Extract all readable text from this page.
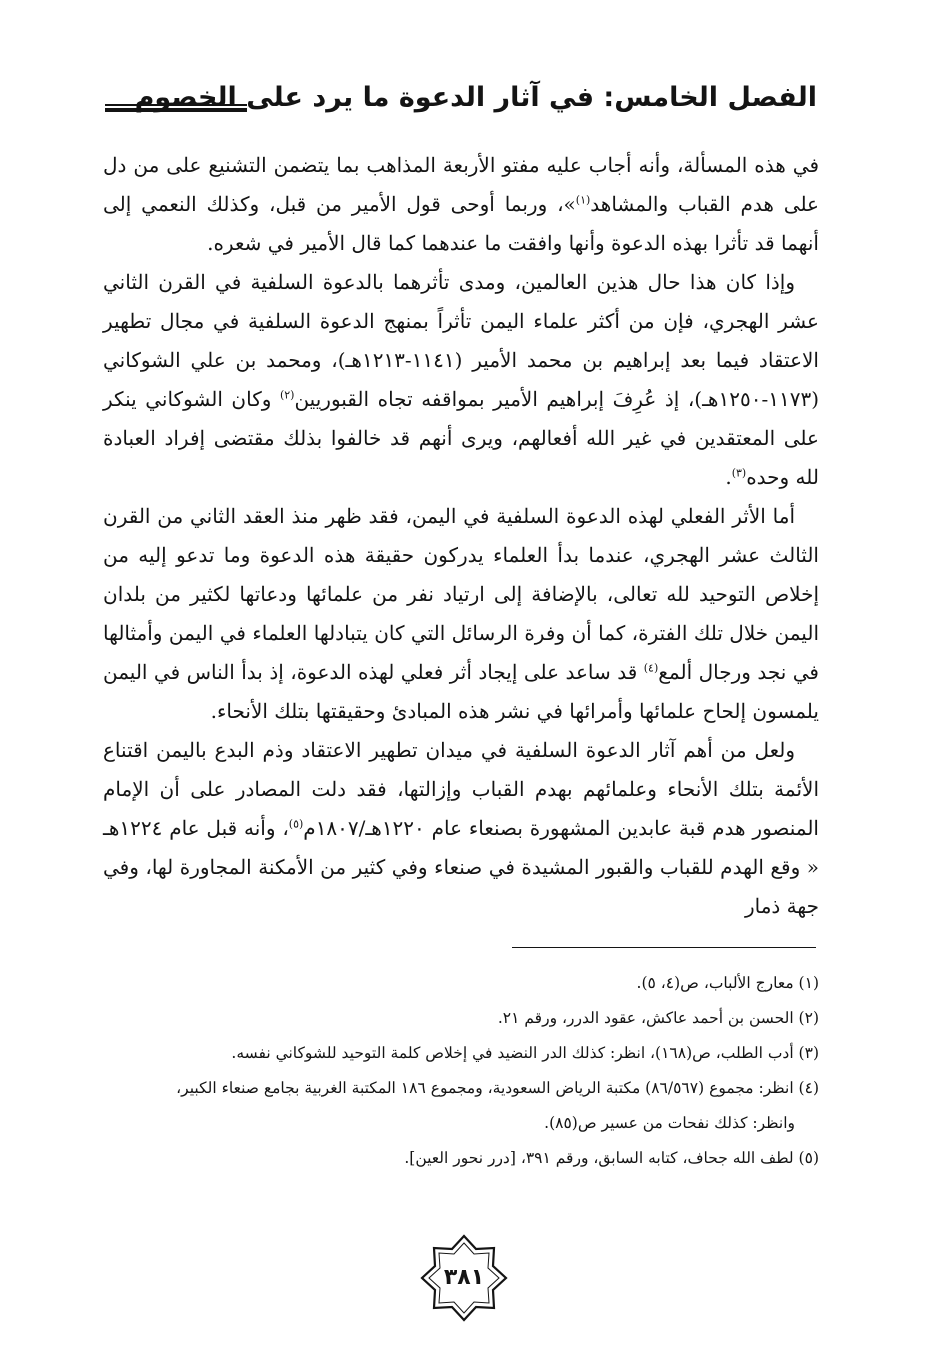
الفصل الخامس: في آثار الدعوة ما يرد على الخصوم

في هذه المسألة، وأنه أجاب عليه مفتو الأربعة المذاهب بما يتضمن التشنيع على من دل على هدم القباب والمشاهد$^{(١)}$»، وربما أوحى قول الأمير من قبل، وكذلك النعمي إلى أنهما قد تأثرا بهذه الدعوة وأنها وافقت ما عندهما كما قال الأمير في شعره.

وإذا كان هذا حال هذين العالمين، ومدى تأثرهما بالدعوة السلفية في القرن الثاني عشر الهجري، فإن من أكثر علماء اليمن تأثراً بمنهج الدعوة السلفية في مجال تطهير الاعتقاد فيما بعد إبراهيم بن محمد الأمير (١١٤١-١٢١٣هـ)، ومحمد بن علي الشوكاني (١١٧٣-١٢٥٠هـ)، إذ عُرِفَ إبراهيم الأمير بمواقفه تجاه القبوريين$^{(٢)}$ وكان الشوكاني ينكر على المعتقدين في غير الله أفعالهم، ويرى أنهم قد خالفوا بذلك مقتضى إفراد العبادة لله وحده$^{(٣)}$.

أما الأثر الفعلي لهذه الدعوة السلفية في اليمن، فقد ظهر منذ العقد الثاني من القرن الثالث عشر الهجري، عندما بدأ العلماء يدركون حقيقة هذه الدعوة وما تدعو إليه من إخلاص التوحيد لله تعالى، بالإضافة إلى ارتياد نفر من علمائها ودعاتها لكثير من بلدان اليمن خلال تلك الفترة، كما أن وفرة الرسائل التي كان يتبادلها العلماء في اليمن وأمثالها في نجد ورجال ألمع$^{(٤)}$ قد ساعد على إيجاد أثر فعلي لهذه الدعوة، إذ بدأ الناس في اليمن يلمسون إلحاح علمائها وأمرائها في نشر هذه المبادئ وحقيقتها بتلك الأنحاء.

ولعل من أهم آثار الدعوة السلفية في ميدان تطهير الاعتقاد وذم البدع باليمن اقتناع الأئمة بتلك الأنحاء وعلمائهم بهدم القباب وإزالتها، فقد دلت المصادر على أن الإمام المنصور هدم قبة عابدين المشهورة بصنعاء عام ١٢٢٠هـ/١٨٠٧م$^{(٥)}$، وأنه قبل عام ١٢٢٤هـ « وقع الهدم للقباب والقبور المشيدة في صنعاء وفي كثير من الأمكنة المجاورة لها، وفي جهة ذمار

(١) معارج الألباب، ص(٤، ٥).

(٢) الحسن بن أحمد عاكش، عقود الدرر، ورقم ٢١.

(٣) أدب الطلب، ص(١٦٨)، انظر: كذلك الدر النضيد في إخلاص كلمة التوحيد للشوكاني نفسه.

(٤) انظر: مجموع (٨٦/٥٦٧) مكتبة الرياض السعودية، ومجموع ١٨٦ المكتبة الغربية بجامع صنعاء الكبير،

وانظر: كذلك نفحات من عسير ص(٨٥).

(٥) لطف الله جحاف، كتابه السابق، ورقم ٣٩١، [درر نحور العين].

٣٨١
